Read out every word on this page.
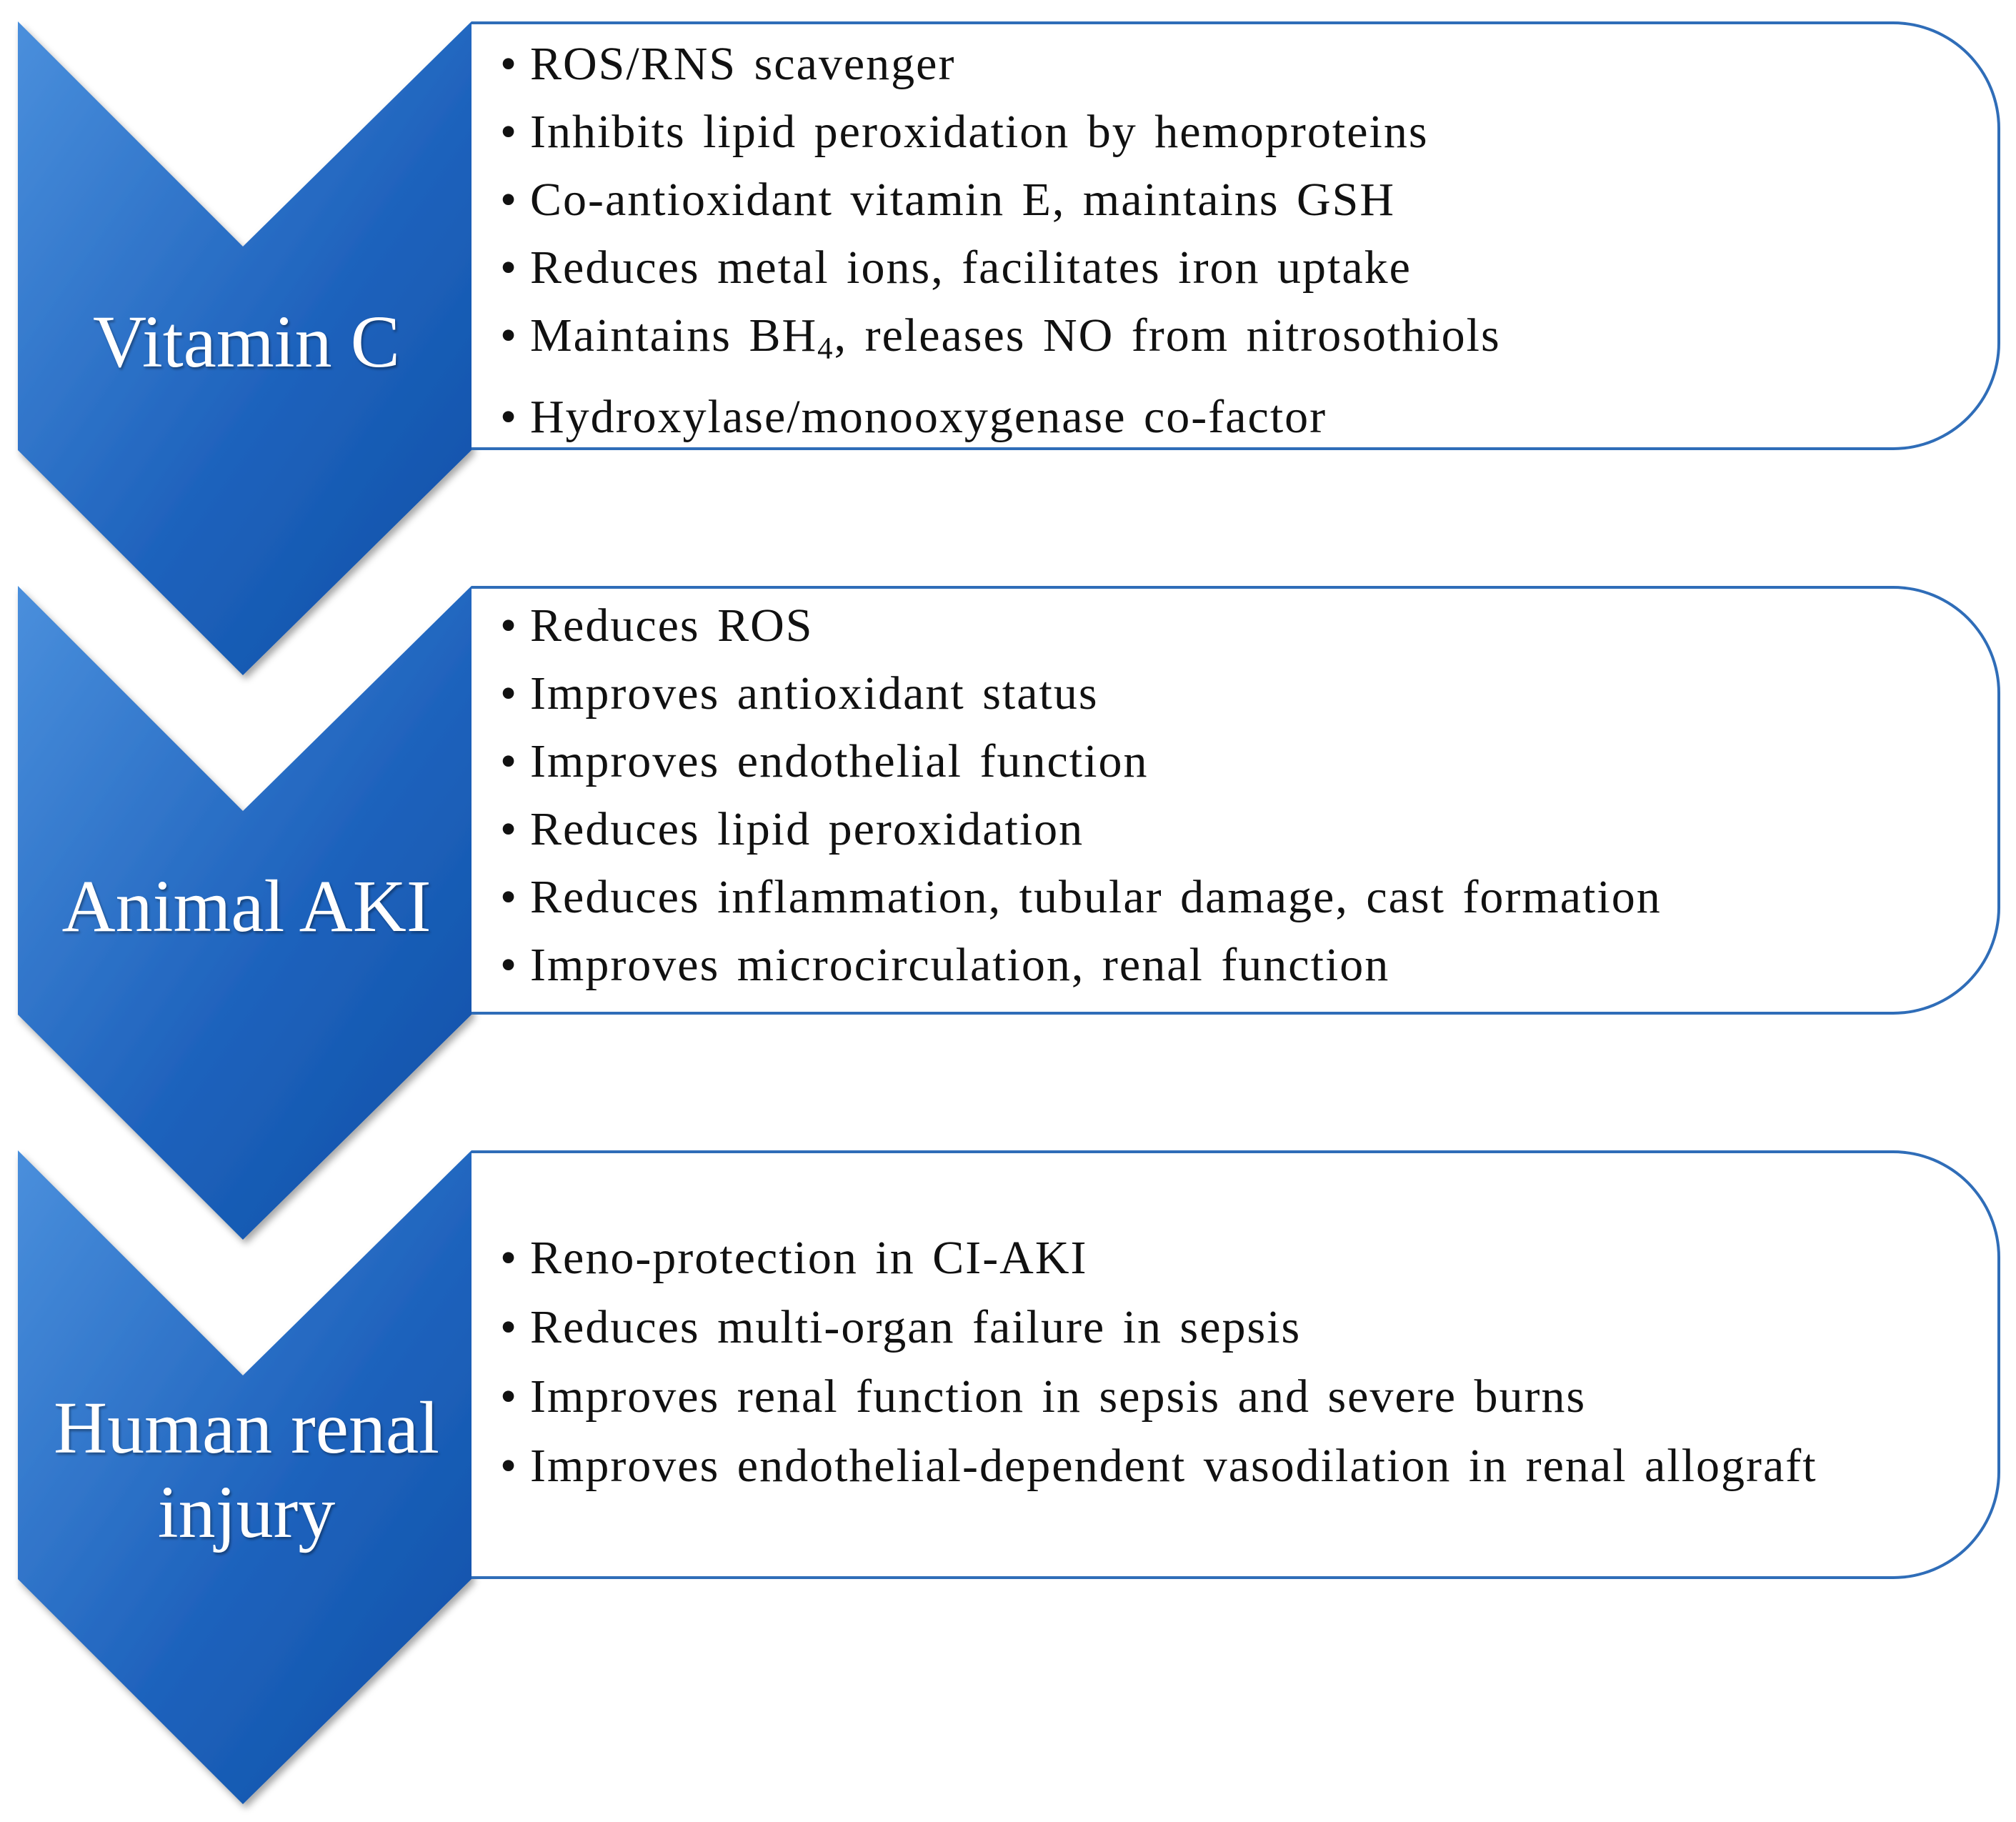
Vitamin C
• ROS/RNS scavenger
• Inhibits lipid peroxidation by hemoproteins
• Co-antioxidant vitamin E, maintains GSH
• Reduces metal ions, facilitates iron uptake
• Maintains $BH_4$, releases NO from nitrosothiols
• Hydroxylase/monooxygenase co-factor
Animal AKI
• Reduces ROS
• Improves antioxidant status
• Improves endothelial function
• Reduces lipid peroxidation
• Reduces inflammation, tubular damage, cast formation
• Improves microcirculation, renal function
Human renal
injury
• Reno-protection in CI-AKI
• Reduces multi-organ failure in sepsis
• Improves renal function in sepsis and severe burns
• Improves endothelial-dependent vasodilation in renal allograft
